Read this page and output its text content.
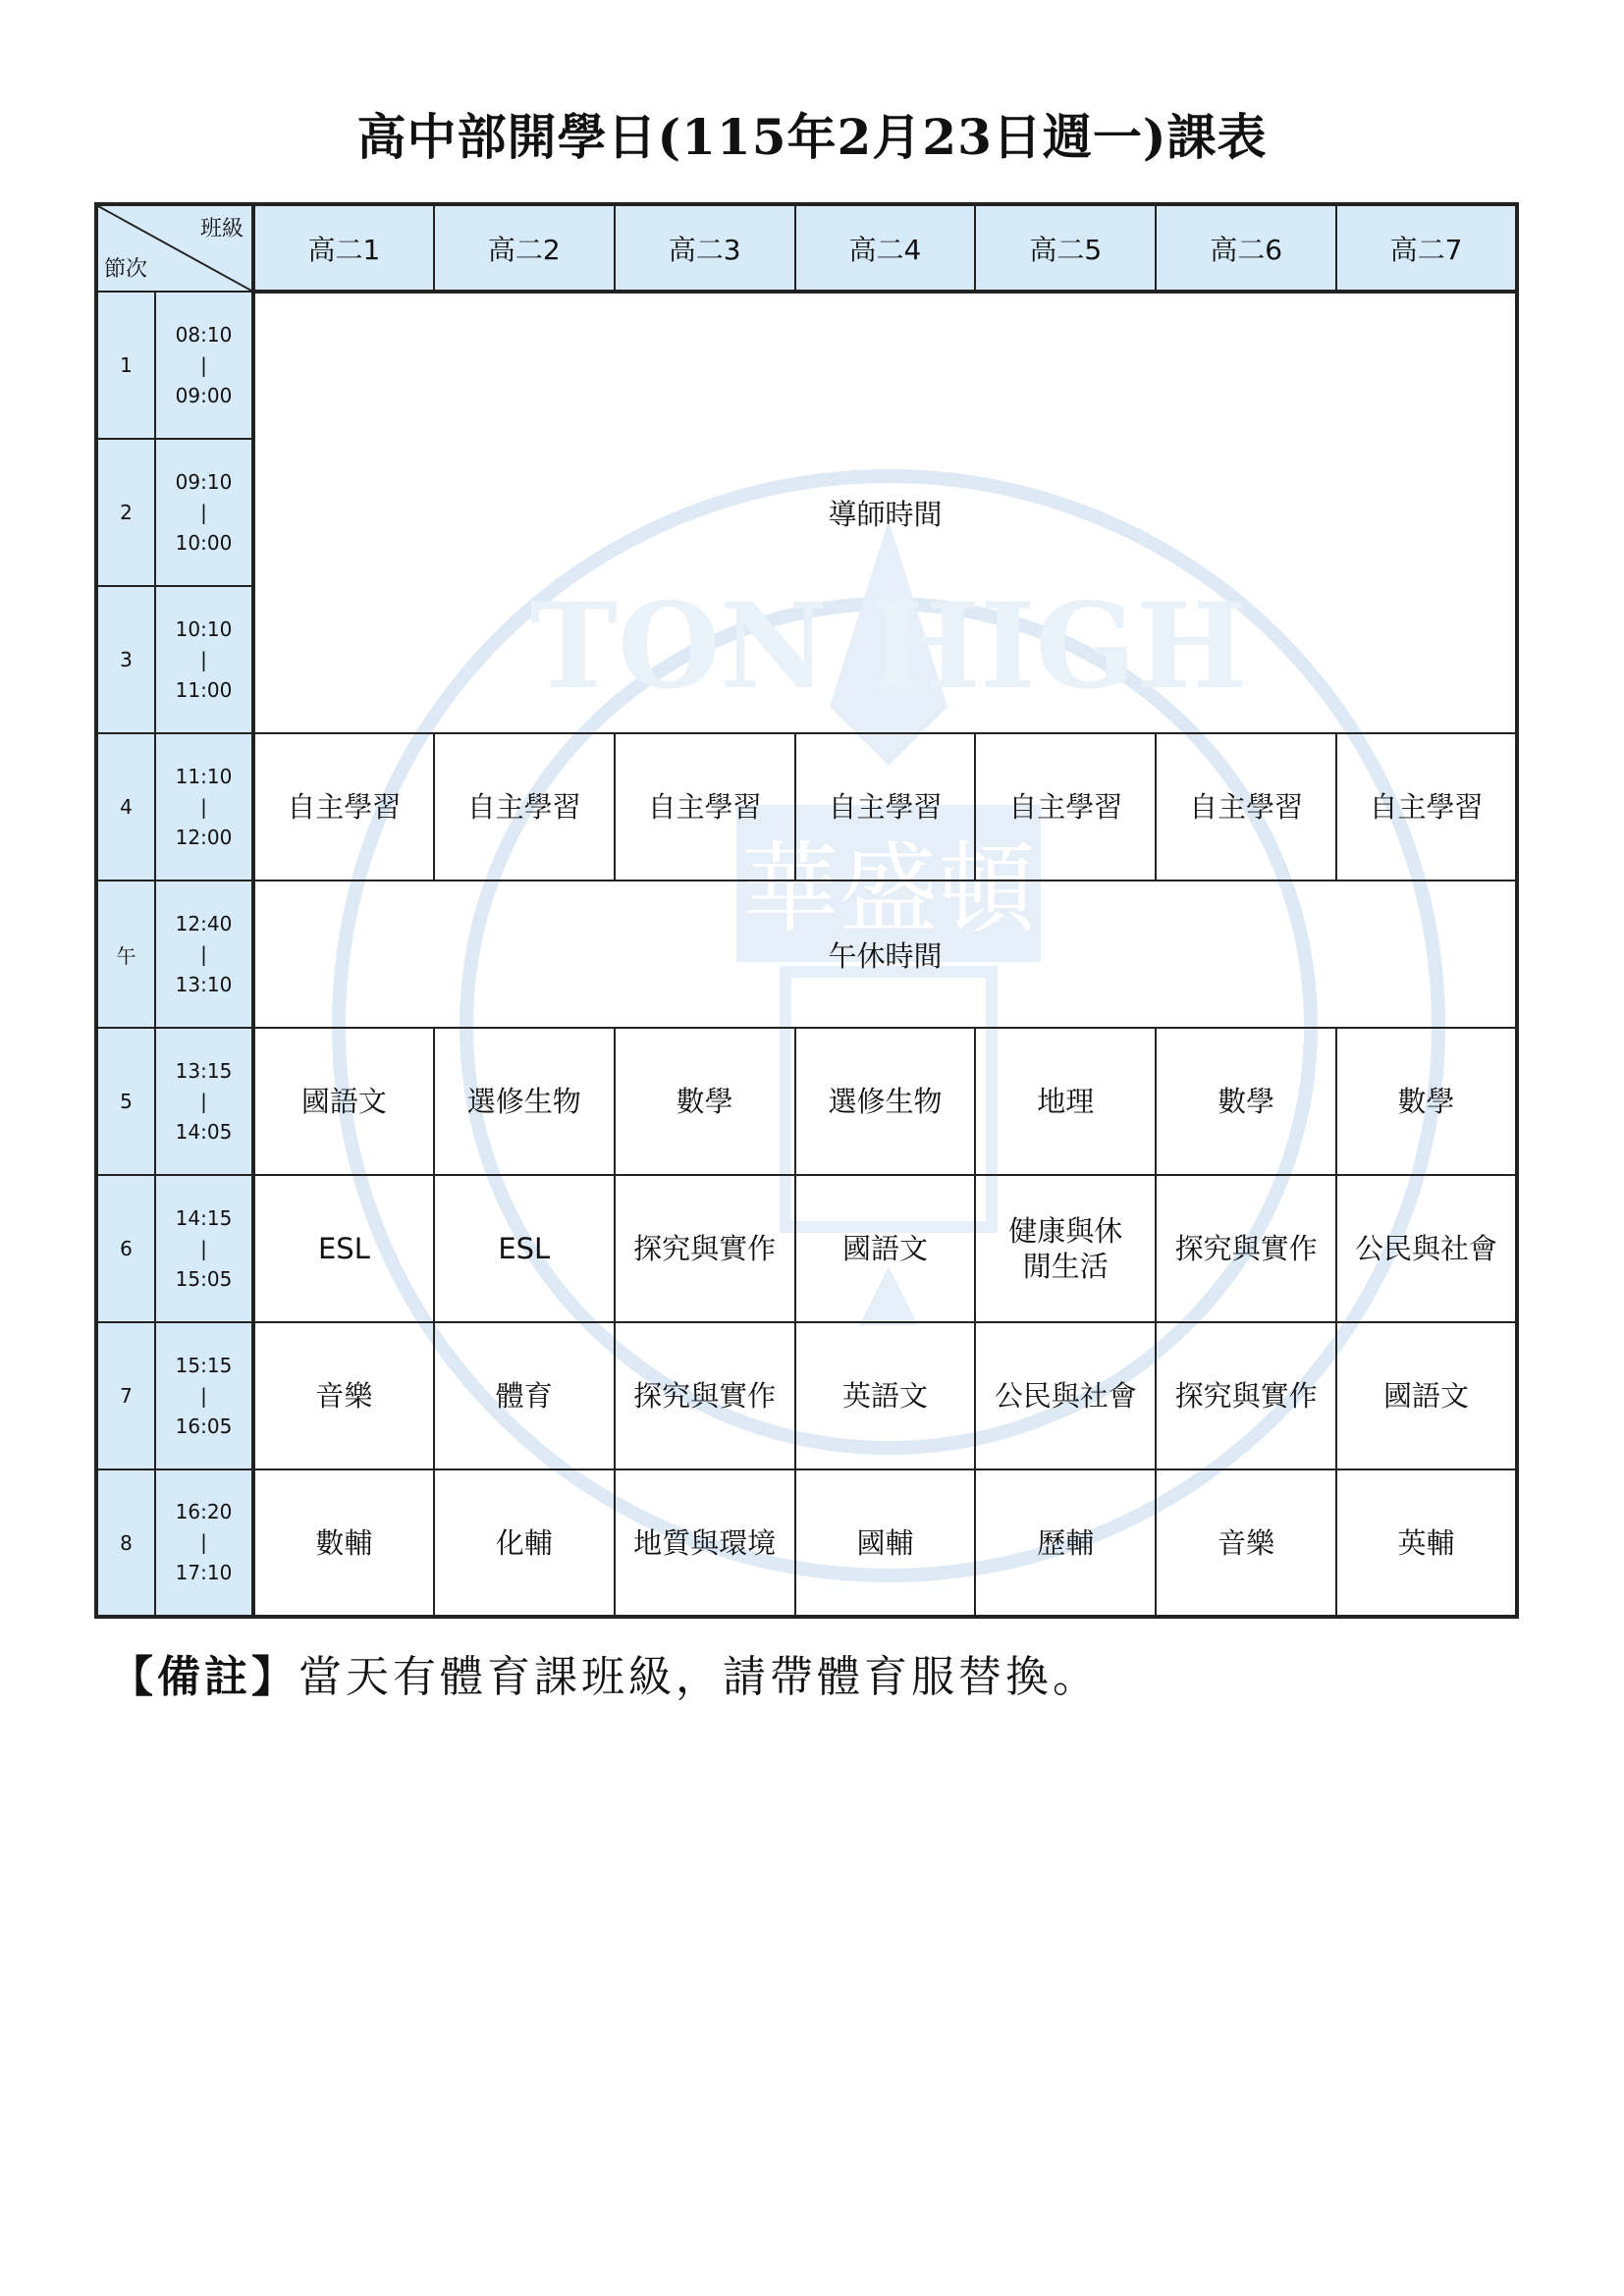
TON HIGH
華盛頓
高中部開學日(115年2月23日週一)課表
班級
節次		高二1	高二2	高二3	高二4	高二5	高二6	高二7
1	08:10
|
09:00	導師時間						
2	09:10
|
10:00							
3	10:10
|
11:00							
4	11:10
|
12:00	自主學習	自主學習	自主學習	自主學習	自主學習	自主學習	自主學習
午	12:40
|
13:10	午休時間						
5	13:15
|
14:05	國語文	選修生物	數學	選修生物	地理	數學	數學
6	14:15
|
15:05	ESL	ESL	探究與實作	國語文	健康與休閒生活	探究與實作	公民與社會
7	15:15
|
16:05	音樂	體育	探究與實作	英語文	公民與社會	探究與實作	國語文
8	16:20
|
17:10	數輔	化輔	地質與環境	國輔	歷輔	音樂	英輔
【備註】當天有體育課班級，請帶體育服替換。
